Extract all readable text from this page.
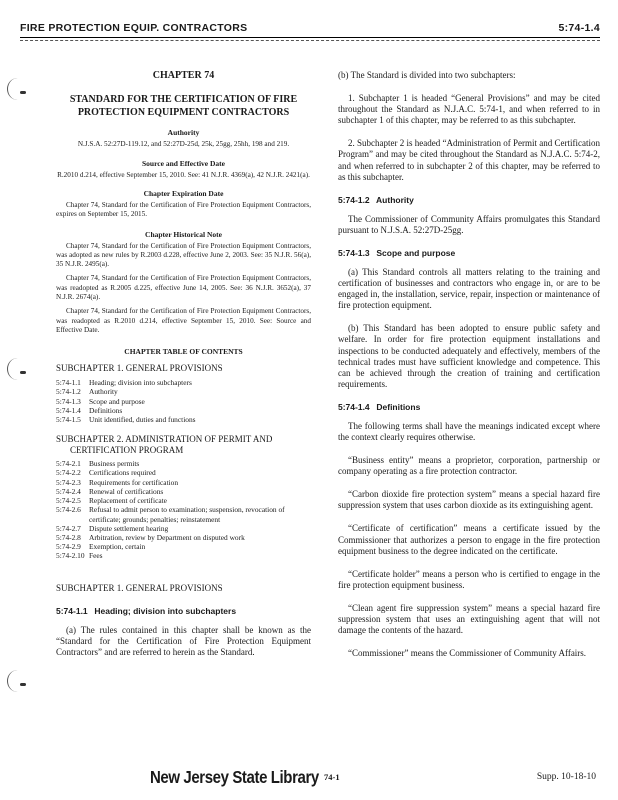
FIRE PROTECTION EQUIP. CONTRACTORS	5:74-1.4
CHAPTER 74
STANDARD FOR THE CERTIFICATION OF FIRE PROTECTION EQUIPMENT CONTRACTORS
Authority
N.J.S.A. 52:27D-119.12, and 52:27D-25d, 25k, 25gg, 25hh, 198 and 219.
Source and Effective Date
R.2010 d.214, effective September 15, 2010. See: 41 N.J.R. 4369(a), 42 N.J.R. 2421(a).
Chapter Expiration Date

Chapter 74, Standard for the Certification of Fire Protection Equipment Contractors, expires on September 15, 2015.

Chapter Historical Note

Chapter 74, Standard for the Certification of Fire Protection Equipment Contractors, was adopted as new rules by R.2003 d.228, effective June 2, 2003. See: 35 N.J.R. 56(a), 35 N.J.R. 2495(a).

Chapter 74, Standard for the Certification of Fire Protection Equipment Contractors, was readopted as R.2005 d.225, effective June 14, 2005. See: 36 N.J.R. 3652(a), 37 N.J.R. 2674(a).

Chapter 74, Standard for the Certification of Fire Protection Equipment Contractors, was readopted as R.2010 d.214, effective September 15, 2010. See: Source and Effective Date.

CHAPTER TABLE OF CONTENTS
SUBCHAPTER 1. GENERAL PROVISIONS
5:74-1.1	Heading; division into subchapters
5:74-1.2	Authority
5:74-1.3	Scope and purpose
5:74-1.4	Definitions
5:74-1.5	Unit identified, duties and functions
SUBCHAPTER 2. ADMINISTRATION OF PERMIT AND CERTIFICATION PROGRAM
5:74-2.1	Business permits
5:74-2.2	Certifications required
5:74-2.3	Requirements for certification
5:74-2.4	Renewal of certifications
5:74-2.5	Replacement of certificate
5:74-2.6	Refusal to admit person to examination; suspension, revocation of certificate; grounds; penalties; reinstatement
5:74-2.7	Dispute settlement hearing
5:74-2.8	Arbitration, review by Department on disputed work
5:74-2.9	Exemption, certain
5:74-2.10 Fees
SUBCHAPTER 1. GENERAL PROVISIONS
5:74-1.1 Heading; division into subchapters

(a) The rules contained in this chapter shall be known as the “Standard for the Certification of Fire Protection Equipment Contractors” and are referred to herein as the Standard.

(b) The Standard is divided into two subchapters:

1. Subchapter 1 is headed “General Provisions” and may be cited throughout the Standard as N.J.A.C. 5:74-1, and when referred to in subchapter 1 of this chapter, may be referred to as this subchapter.

2. Subchapter 2 is headed “Administration of Permit and Certification Program” and may be cited throughout the Standard as N.J.A.C. 5:74-2, and when referred to in subchapter 2 of this chapter, may be referred to as this subchapter.

5:74-1.2 Authority

The Commissioner of Community Affairs promulgates this Standard pursuant to N.J.S.A. 52:27D-25gg.

5:74-1.3 Scope and purpose

(a) This Standard controls all matters relating to the training and certification of businesses and contractors who engage in, or are to be engaged in, the installation, service, repair, inspection or maintenance of fire protection equipment.

(b) This Standard has been adopted to ensure public safety and welfare. In order for fire protection equipment installations and inspections to be conducted adequately and effectively, members of the technical trades must have sufficient knowledge and competence. This can be achieved through the creation of training and certification requirements.

5:74-1.4 Definitions

The following terms shall have the meanings indicated except where the context clearly requires otherwise.

“Business entity” means a proprietor, corporation, partnership or company operating as a fire protection contractor.

“Carbon dioxide fire protection system” means a special hazard fire suppression system that uses carbon dioxide as its extinguishing agent.

“Certificate of certification” means a certificate issued by the Commissioner that authorizes a person to engage in the fire protection equipment business to the degree indicated on the certificate.

“Certificate holder” means a person who is certified to engage in the fire protection equipment business.

“Clean agent fire suppression system” means a special hazard fire suppression system that uses an extinguishing agent that will not damage the contents of the hazard.

“Commissioner” means the Commissioner of Community Affairs.

New Jersey State Library 74-1	Supp. 10-18-10
